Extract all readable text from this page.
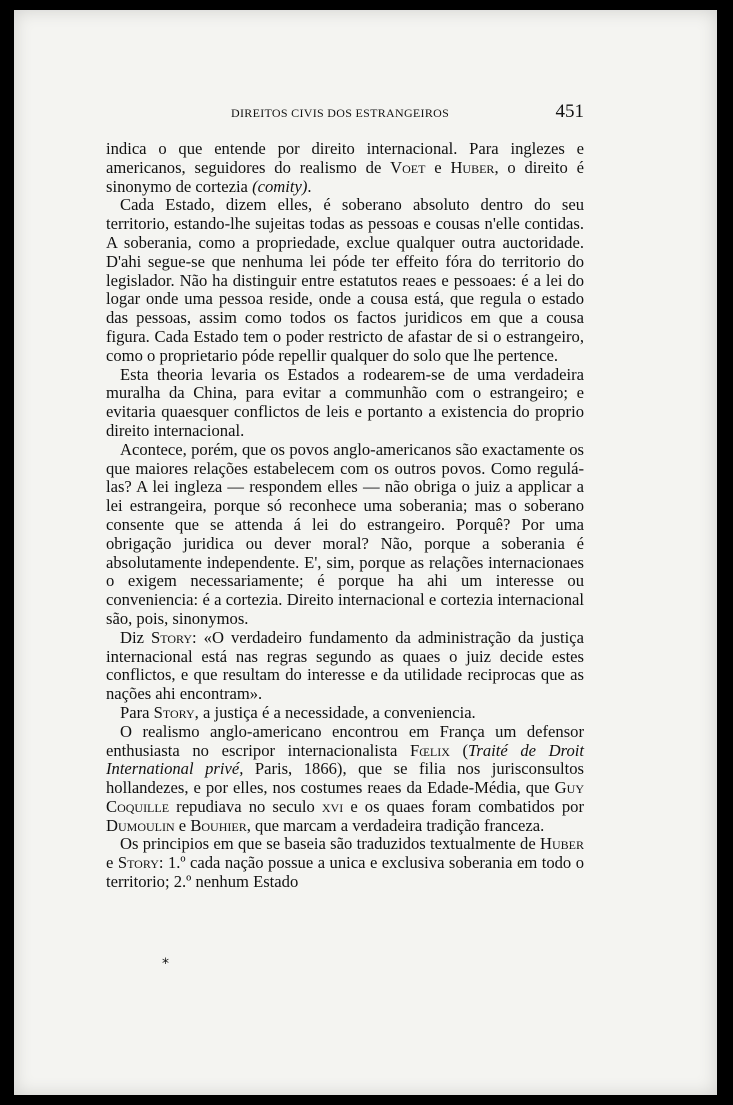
DIREITOS CIVIS DOS ESTRANGEIROS	451

indica o que entende por direito internacional. Para inglezes e americanos, seguidores do realismo de Voet e Huber, o direito é sinonymo de cortezia (comity).

Cada Estado, dizem elles, é soberano absoluto dentro do seu territorio, estando-lhe sujeitas todas as pessoas e cousas n'elle contidas. A soberania, como a propriedade, exclue qualquer outra auctoridade. D'ahi segue-se que nenhuma lei póde ter effeito fóra do territorio do legislador. Não ha distinguir entre estatutos reaes e pessoaes: é a lei do logar onde uma pessoa reside, onde a cousa está, que regula o estado das pessoas, assim como todos os factos juridicos em que a cousa figura. Cada Estado tem o poder restricto de afastar de si o estrangeiro, como o proprietario póde repellir qualquer do solo que lhe pertence.

Esta theoria levaria os Estados a rodearem-se de uma verdadeira muralha da China, para evitar a communhão com o estrangeiro; e evitaria quaesquer conflictos de leis e portanto a existencia do proprio direito internacional.

Acontece, porém, que os povos anglo-americanos são exactamente os que maiores relações estabelecem com os outros povos. Como regulá-las? A lei ingleza — respondem elles — não obriga o juiz a applicar a lei estrangeira, porque só reconhece uma soberania; mas o soberano consente que se attenda á lei do estrangeiro. Porquê? Por uma obrigação juridica ou dever moral? Não, porque a soberania é absolutamente independente. E', sim, porque as relações internacionaes o exigem necessariamente; é porque ha ahi um interesse ou conveniencia: é a cortezia. Direito internacional e cortezia internacional são, pois, sinonymos.

Diz Story: «O verdadeiro fundamento da administração da justiça internacional está nas regras segundo as quaes o juiz decide estes conflictos, e que resultam do interesse e da utilidade reciprocas que as nações ahi encontram».

Para Story, a justiça é a necessidade, a conveniencia.

O realismo anglo-americano encontrou em França um defensor enthusiasta no escripor internacionalista Fœlix (Traité de Droit International privé, Paris, 1866), que se filia nos jurisconsultos hollandezes, e por elles, nos costumes reaes da Edade-Média, que Guy Coquille repudiava no seculo xvi e os quaes foram combatidos por Dumoulin e Bouhier, que marcam a verdadeira tradição franceza.

Os principios em que se baseia são traduzidos textualmente de Huber e Story: 1.º cada nação possue a unica e exclusiva soberania em todo o territorio; 2.º nenhum Estado

*
